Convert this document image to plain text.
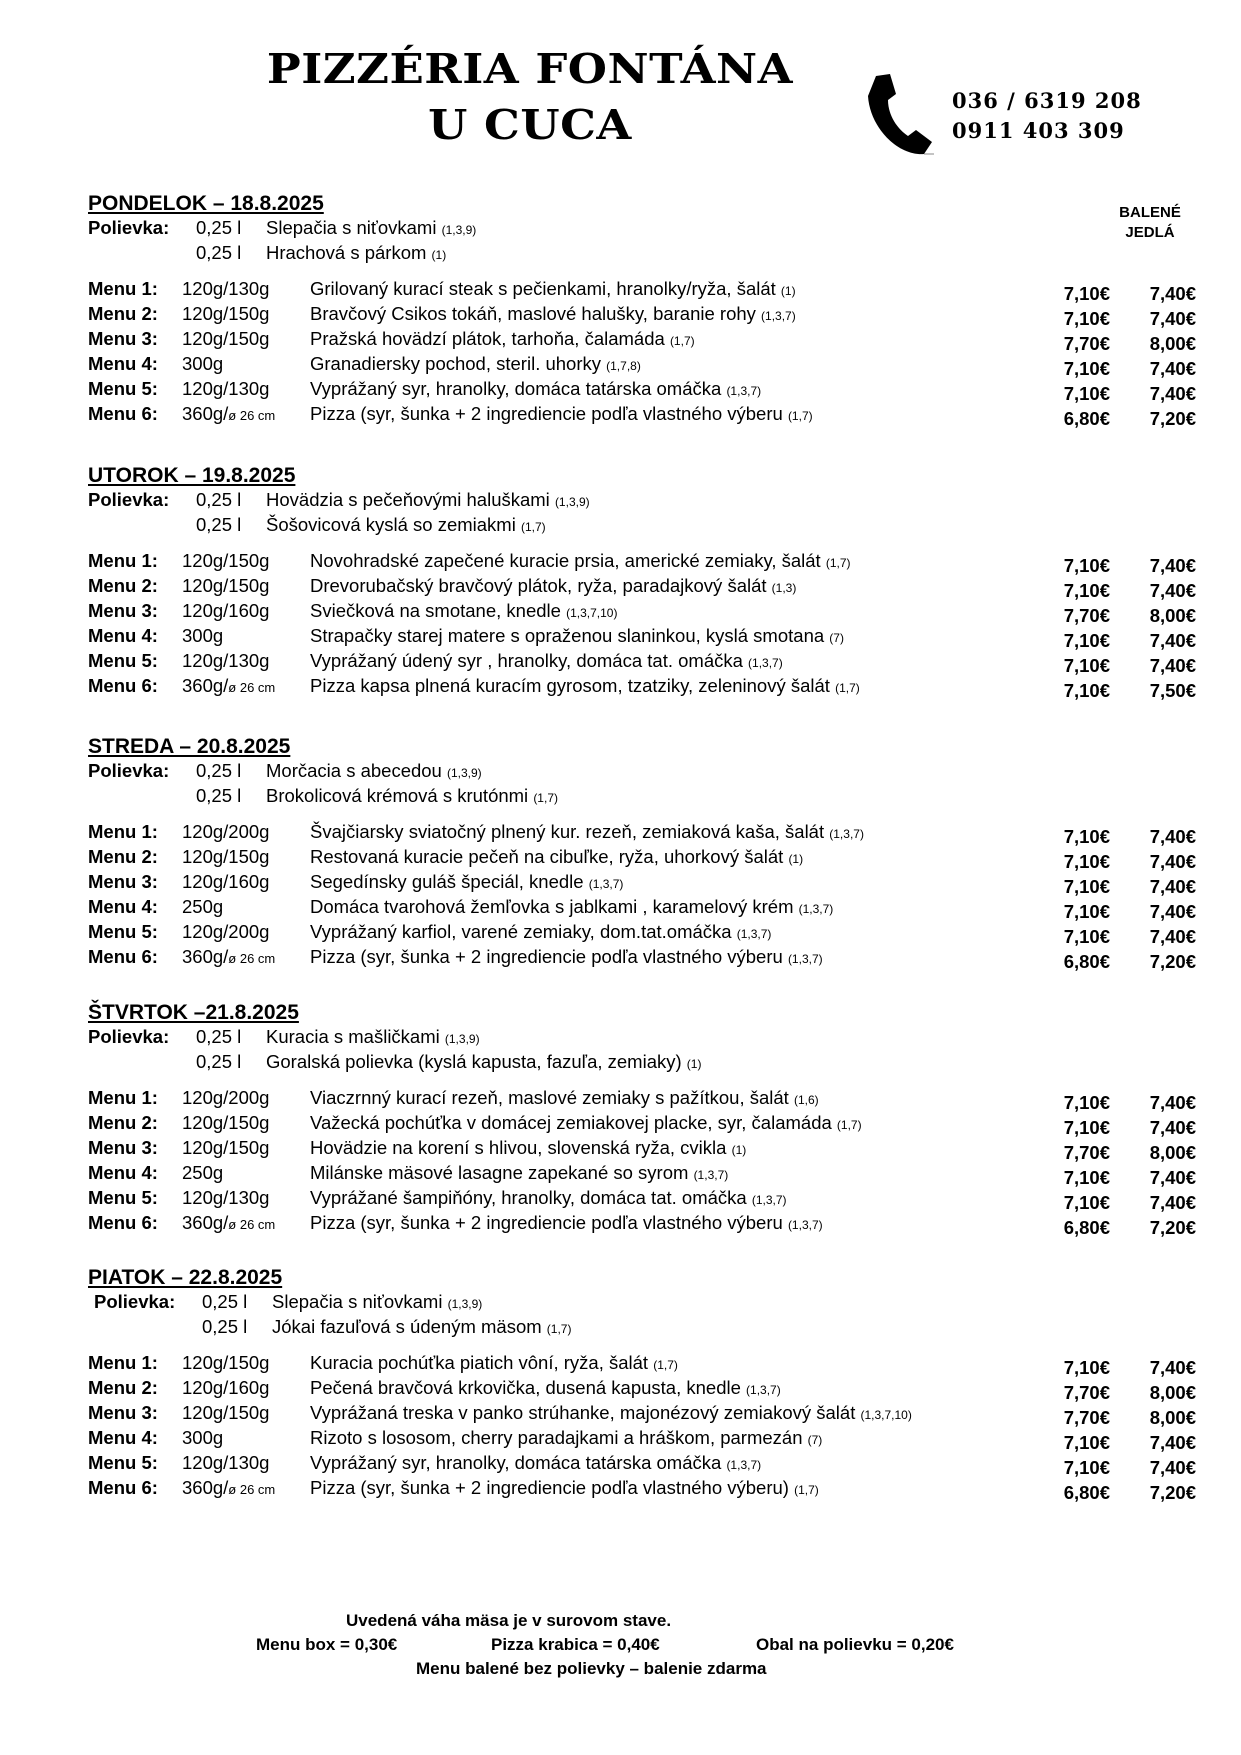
PIZZÉRIA FONTÁNA
U CUCA	036 / 6319 208
0911 403 309
BALENÉ
JEDLÁ
PONDELOK – 18.8.2025
Polievka: 0,25 l Slepačia s niťovkami (1,3,9)
0,25 l Hrachová s párkom (1)
Menu 1: 120g/130g Grilovaný kurací steak s pečienkami, hranolky/ryža, šalát (1)	7,10€	7,40€
Menu 2: 120g/150g Bravčový Csikos tokáň, maslové halušky, baranie rohy (1,3,7)	7,10€	7,40€
Menu 3: 120g/150g Pražská hovädzí plátok, tarhoňa, čalamáda (1,7)	7,70€	8,00€
Menu 4: 300g	Granadiersky pochod, steril. uhorky (1,7,8)	7,10€	7,40€
Menu 5: 120g/130g Vyprážaný syr, hranolky, domáca tatárska omáčka (1,3,7)	7,10€	7,40€
Menu 6: 360g/ø 26 cm Pizza (syr, šunka + 2 ingrediencie podľa vlastného výberu (1,7)	6,80€	7,20€
UTOROK – 19.8.2025
Polievka: 0,25 l Hovädzia s pečeňovými haluškami (1,3,9)
0,25 l Šošovicová kyslá so zemiakmi (1,7)
Menu 1: 120g/150g Novohradské zapečené kuracie prsia, americké zemiaky, šalát (1,7)	7,10€	7,40€
Menu 2: 120g/150g Drevorubačský bravčový plátok, ryža, paradajkový šalát (1,3)	7,10€	7,40€
Menu 3: 120g/160g Sviečková na smotane, knedle (1,3,7,10)	7,70€	8,00€
Menu 4: 300g	Strapačky starej matere s opraženou slaninkou, kyslá smotana (7)	7,10€	7,40€
Menu 5: 120g/130g Vyprážaný údený syr , hranolky, domáca tat. omáčka (1,3,7)	7,10€	7,40€
Menu 6: 360g/ø 26 cm Pizza kapsa plnená kuracím gyrosom, tzatziky, zeleninový šalát (1,7)	7,10€	7,50€
STREDA – 20.8.2025
Polievka: 0,25 l Morčacia s abecedou (1,3,9)
0,25 l Brokolicová krémová s krutónmi (1,7)
Menu 1: 120g/200g Švajčiarsky sviatočný plnený kur. rezeň, zemiaková kaša, šalát (1,3,7)	7,10€	7,40€
Menu 2: 120g/150g Restovaná kuracie pečeň na cibuľke, ryža, uhorkový šalát (1)	7,10€	7,40€
Menu 3: 120g/160g Segedínsky guláš špeciál, knedle (1,3,7)	7,10€	7,40€
Menu 4: 250g	Domáca tvarohová žemľovka s jablkami , karamelový krém (1,3,7)	7,10€	7,40€
Menu 5: 120g/200g Vyprážaný karfiol, varené zemiaky, dom.tat.omáčka (1,3,7)	7,10€	7,40€
Menu 6: 360g/ø 26 cm Pizza (syr, šunka + 2 ingrediencie podľa vlastného výberu (1,3,7)	6,80€	7,20€
ŠTVRTOK –21.8.2025
Polievka: 0,25 l Kuracia s mašličkami (1,3,9)
0,25 l Goralská polievka (kyslá kapusta, fazuľa, zemiaky) (1)
Menu 1: 120g/200g Viaczrnný kurací rezeň, maslové zemiaky s pažítkou, šalát (1,6)	7,10€	7,40€
Menu 2: 120g/150g Važecká pochúťka v domácej zemiakovej placke, syr, čalamáda (1,7)	7,10€	7,40€
Menu 3: 120g/150g Hovädzie na korení s hlivou, slovenská ryža, cvikla (1)	7,70€	8,00€
Menu 4: 250g	Milánske mäsové lasagne zapekané so syrom (1,3,7)	7,10€	7,40€
Menu 5: 120g/130g Vyprážané šampiňóny, hranolky, domáca tat. omáčka (1,3,7)	7,10€	7,40€
Menu 6: 360g/ø 26 cm Pizza (syr, šunka + 2 ingrediencie podľa vlastného výberu (1,3,7)	6,80€	7,20€
PIATOK – 22.8.2025
Polievka: 0,25 l Slepačia s niťovkami (1,3,9)
0,25 l Jókai fazuľová s údeným mäsom (1,7)
Menu 1: 120g/150g Kuracia pochúťka piatich vôní, ryža, šalát (1,7)	7,10€	7,40€
Menu 2: 120g/160g Pečená bravčová krkovička, dusená kapusta, knedle (1,3,7)	7,70€	8,00€
Menu 3: 120g/150g Vyprážaná treska v panko strúhanke, majonézový zemiakový šalát (1,3,7,10)	7,70€	8,00€
Menu 4: 300g	Rizoto s lososom, cherry paradajkami a hráškom, parmezán (7)	7,10€	7,40€
Menu 5: 120g/130g Vyprážaný syr, hranolky, domáca tatárska omáčka (1,3,7)	7,10€	7,40€
Menu 6: 360g/ø 26 cm Pizza (syr, šunka + 2 ingrediencie podľa vlastného výberu) (1,7)	6,80€	7,20€
Uvedená váha mäsa je v surovom stave.
Menu box = 0,30€	Pizza krabica = 0,40€	Obal na polievku = 0,20€
Menu balené bez polievky – balenie zdarma
